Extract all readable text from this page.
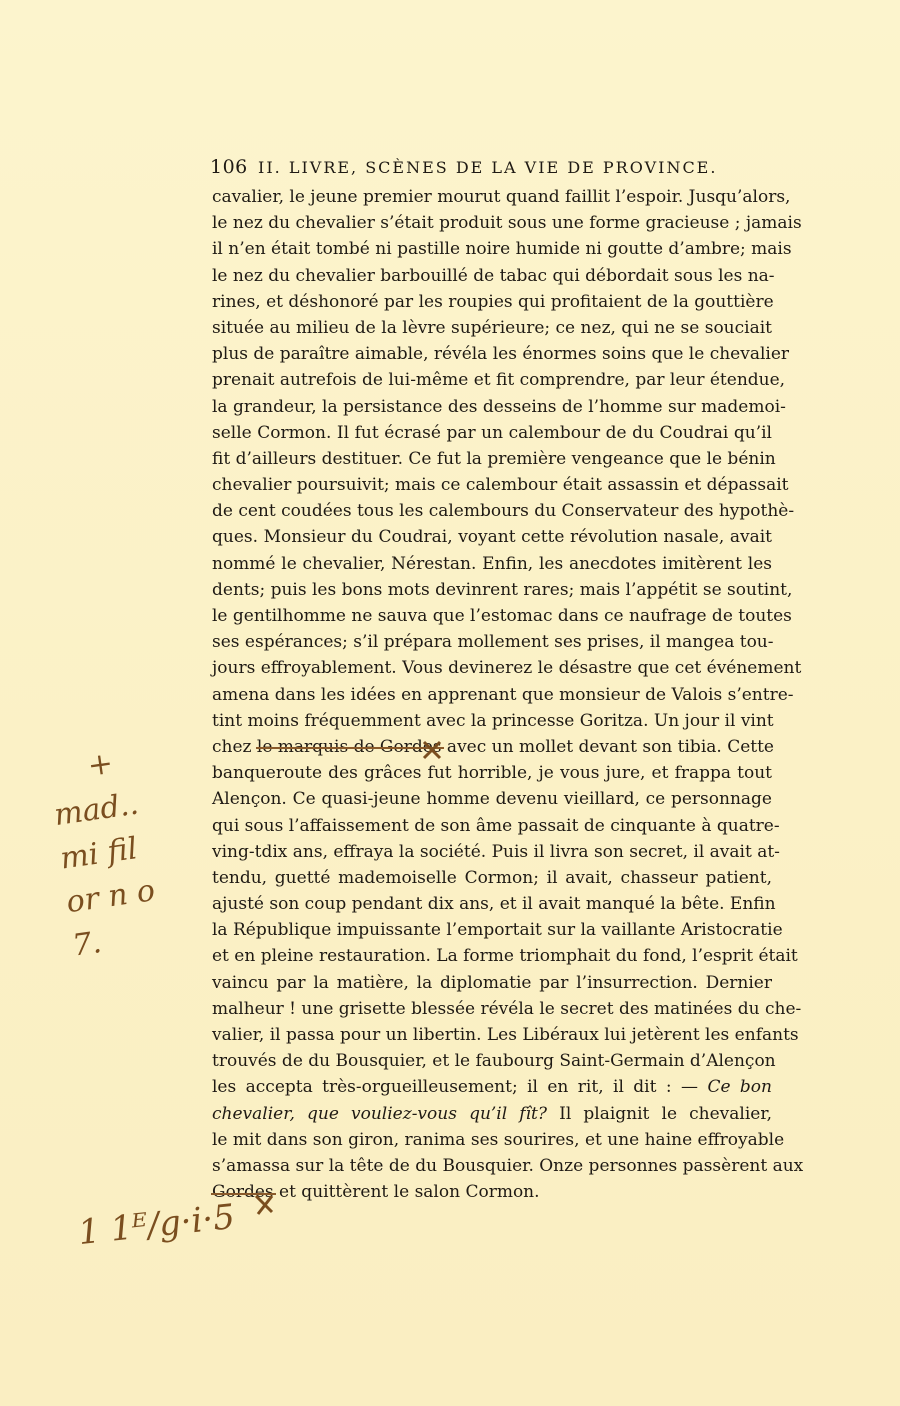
106 II. LIVRE, SCÈNES DE LA VIE DE PROVINCE.
cavalier, le jeune premier mourut quand faillit l’espoir. Jusqu’alors,
le nez du chevalier s’était produit sous une forme gracieuse ; jamais
il n’en était tombé ni pastille noire humide ni goutte d’ambre; mais
le nez du chevalier barbouillé de tabac qui débordait sous les na-
rines, et déshonoré par les roupies qui profitaient de la gouttière
située au milieu de la lèvre supérieure; ce nez, qui ne se souciait
plus de paraître aimable, révéla les énormes soins que le chevalier
prenait autrefois de lui-même et fit comprendre, par leur étendue,
la grandeur, la persistance des desseins de l’homme sur mademoi-
selle Cormon. Il fut écrasé par un calembour de du Coudrai qu’il
fit d’ailleurs destituer. Ce fut la première vengeance que le bénin
chevalier poursuivit; mais ce calembour était assassin et dépassait
de cent coudées tous les calembours du Conservateur des hypothè-
ques. Monsieur du Coudrai, voyant cette révolution nasale, avait
nommé le chevalier, Nérestan. Enfin, les anecdotes imitèrent les
dents; puis les bons mots devinrent rares; mais l’appétit se soutint,
le gentilhomme ne sauva que l’estomac dans ce naufrage de toutes
ses espérances; s’il prépara mollement ses prises, il mangea tou-
jours effroyablement. Vous devinerez le désastre que cet événement
amena dans les idées en apprenant que monsieur de Valois s’entre-
tint moins fréquemment avec la princesse Goritza. Un jour il vint
chez le marquis de Gordes avec un mollet devant son tibia. Cette
banqueroute des grâces fut horrible, je vous jure, et frappa tout
Alençon. Ce quasi-jeune homme devenu vieillard, ce personnage
qui sous l’affaissement de son âme passait de cinquante à quatre-
ving-tdix ans, effraya la société. Puis il livra son secret, il avait at-
tendu, guetté mademoiselle Cormon; il avait, chasseur patient,
ajusté son coup pendant dix ans, et il avait manqué la bête. Enfin
la République impuissante l’emportait sur la vaillante Aristocratie
et en pleine restauration. La forme triomphait du fond, l’esprit était
vaincu par la matière, la diplomatie par l’insurrection. Dernier
malheur ! une grisette blessée révéla le secret des matinées du che-
valier, il passa pour un libertin. Les Libéraux lui jetèrent les enfants
trouvés de du Bousquier, et le faubourg Saint-Germain d’Alençon
les accepta très-orgueilleusement; il en rit, il dit : — Ce bon
chevalier, que vouliez-vous qu’il fît? Il plaignit le chevalier,
le mit dans son giron, ranima ses sourires, et une haine effroyable
s’amassa sur la tête de du Bousquier. Onze personnes passèrent aux
Gordes et quittèrent le salon Cormon.
+
mad..
mi fil
or n o
7.
1 1ᴱ/g·i·5
